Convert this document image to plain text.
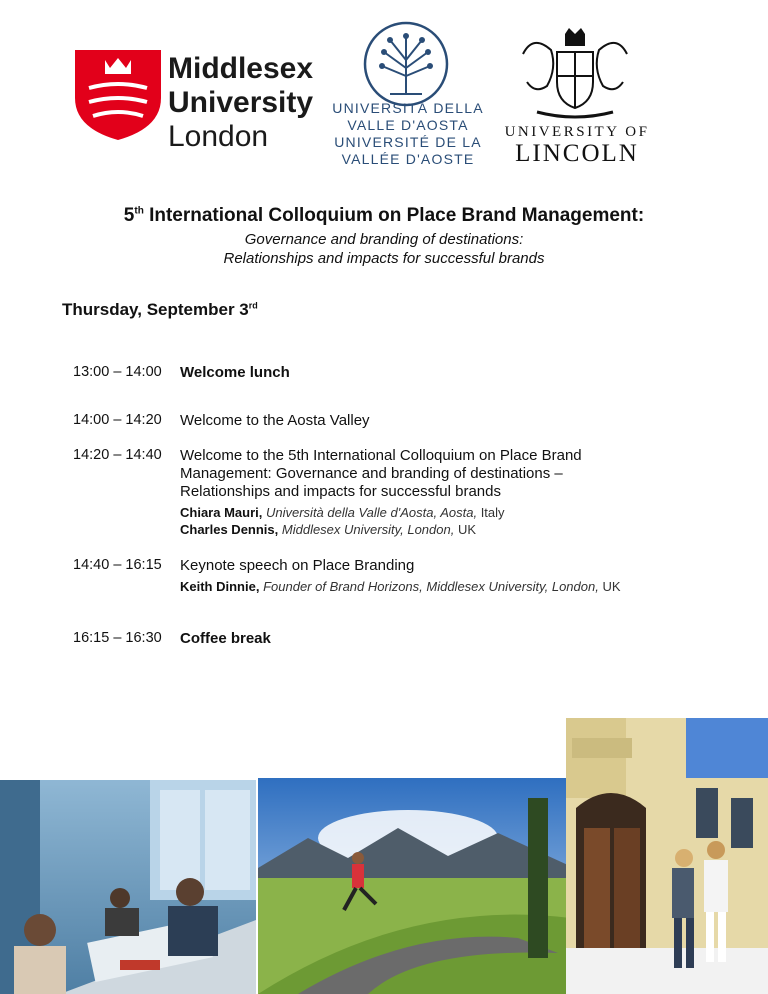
Middlesex
University
London
UNIVERSITÀ DELLA
VALLE D'AOSTA
UNIVERSITÉ DE LA
VALLÉE D'AOSTE
UNIVERSITY OF
LINCOLN
5th International Colloquium on Place Brand Management:
Governance and branding of destinations:
Relationships and impacts for successful brands
Thursday, September 3rd
13:00 – 14:00 Welcome lunch
14:00 – 14:20 Welcome to the Aosta Valley
14:20 – 14:40 Welcome to the 5th International Colloquium on Place Brand
Management: Governance and branding of destinations –
Relationships and impacts for successful brands
Chiara Mauri, Università della Valle d'Aosta, Aosta, Italy
Charles Dennis, Middlesex University, London, UK
14:40 – 16:15 Keynote speech on Place Branding
Keith Dinnie, Founder of Brand Horizons, Middlesex University, London, UK
16:15 – 16:30 Coffee break
